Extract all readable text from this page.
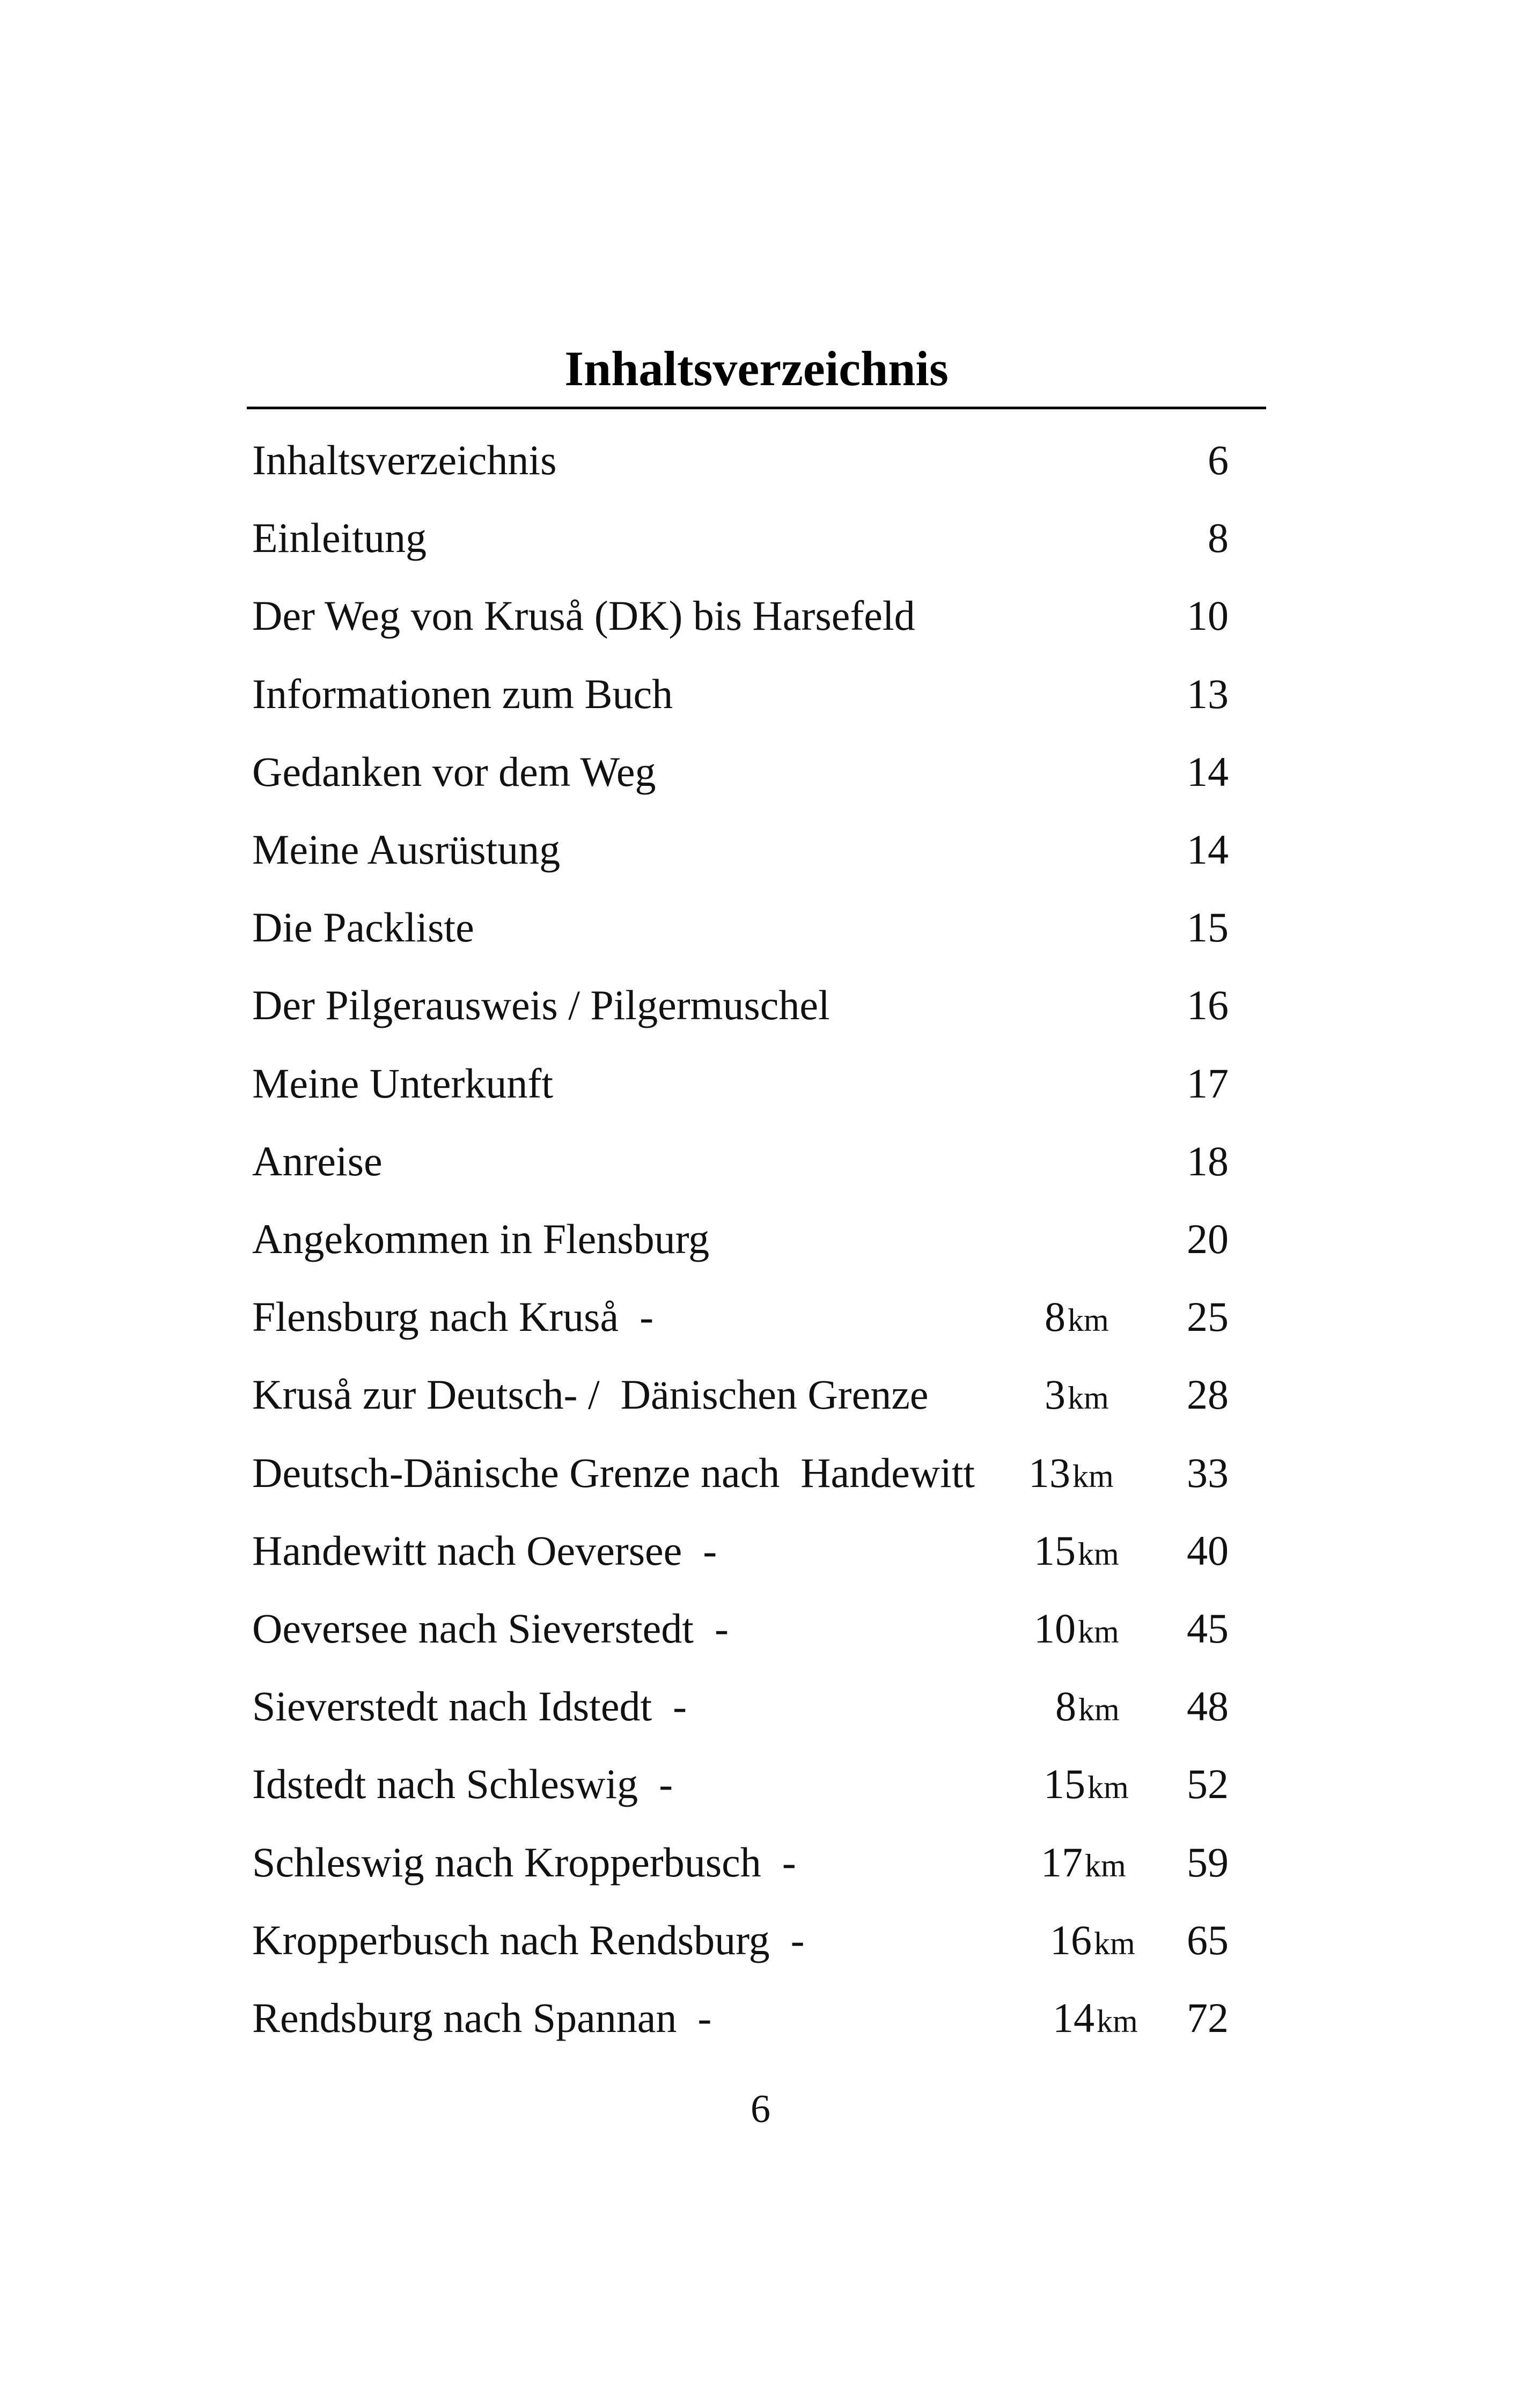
Inhaltsverzeichnis
Inhaltsverzeichnis	6
Einleitung	8
Der Weg von Kruså (DK) bis Harsefeld	10
Informationen zum Buch	13
Gedanken vor dem Weg	14
Meine Ausrüstung	14
Die Packliste	15
Der Pilgerausweis / Pilgermuschel	16
Meine Unterkunft	17
Anreise	18
Angekommen in Flensburg	20
Flensburg nach Kruså  -	8 km 25
Kruså zur Deutsch- /  Dänischen Grenze	3 km 28
Deutsch-Dänische Grenze nach  Handewitt 13 km 33
Handewitt nach Oeversee  -	15 km 40
Oeversee nach Sieverstedt  -	10 km 45
Sieverstedt nach Idstedt  -	8 km 48
Idstedt nach Schleswig  -	15 km 52
Schleswig nach Kropperbusch  -	17 km 59
Kropperbusch nach Rendsburg  -	16 km 65
Rendsburg nach Spannan  -	14 km 72
6
